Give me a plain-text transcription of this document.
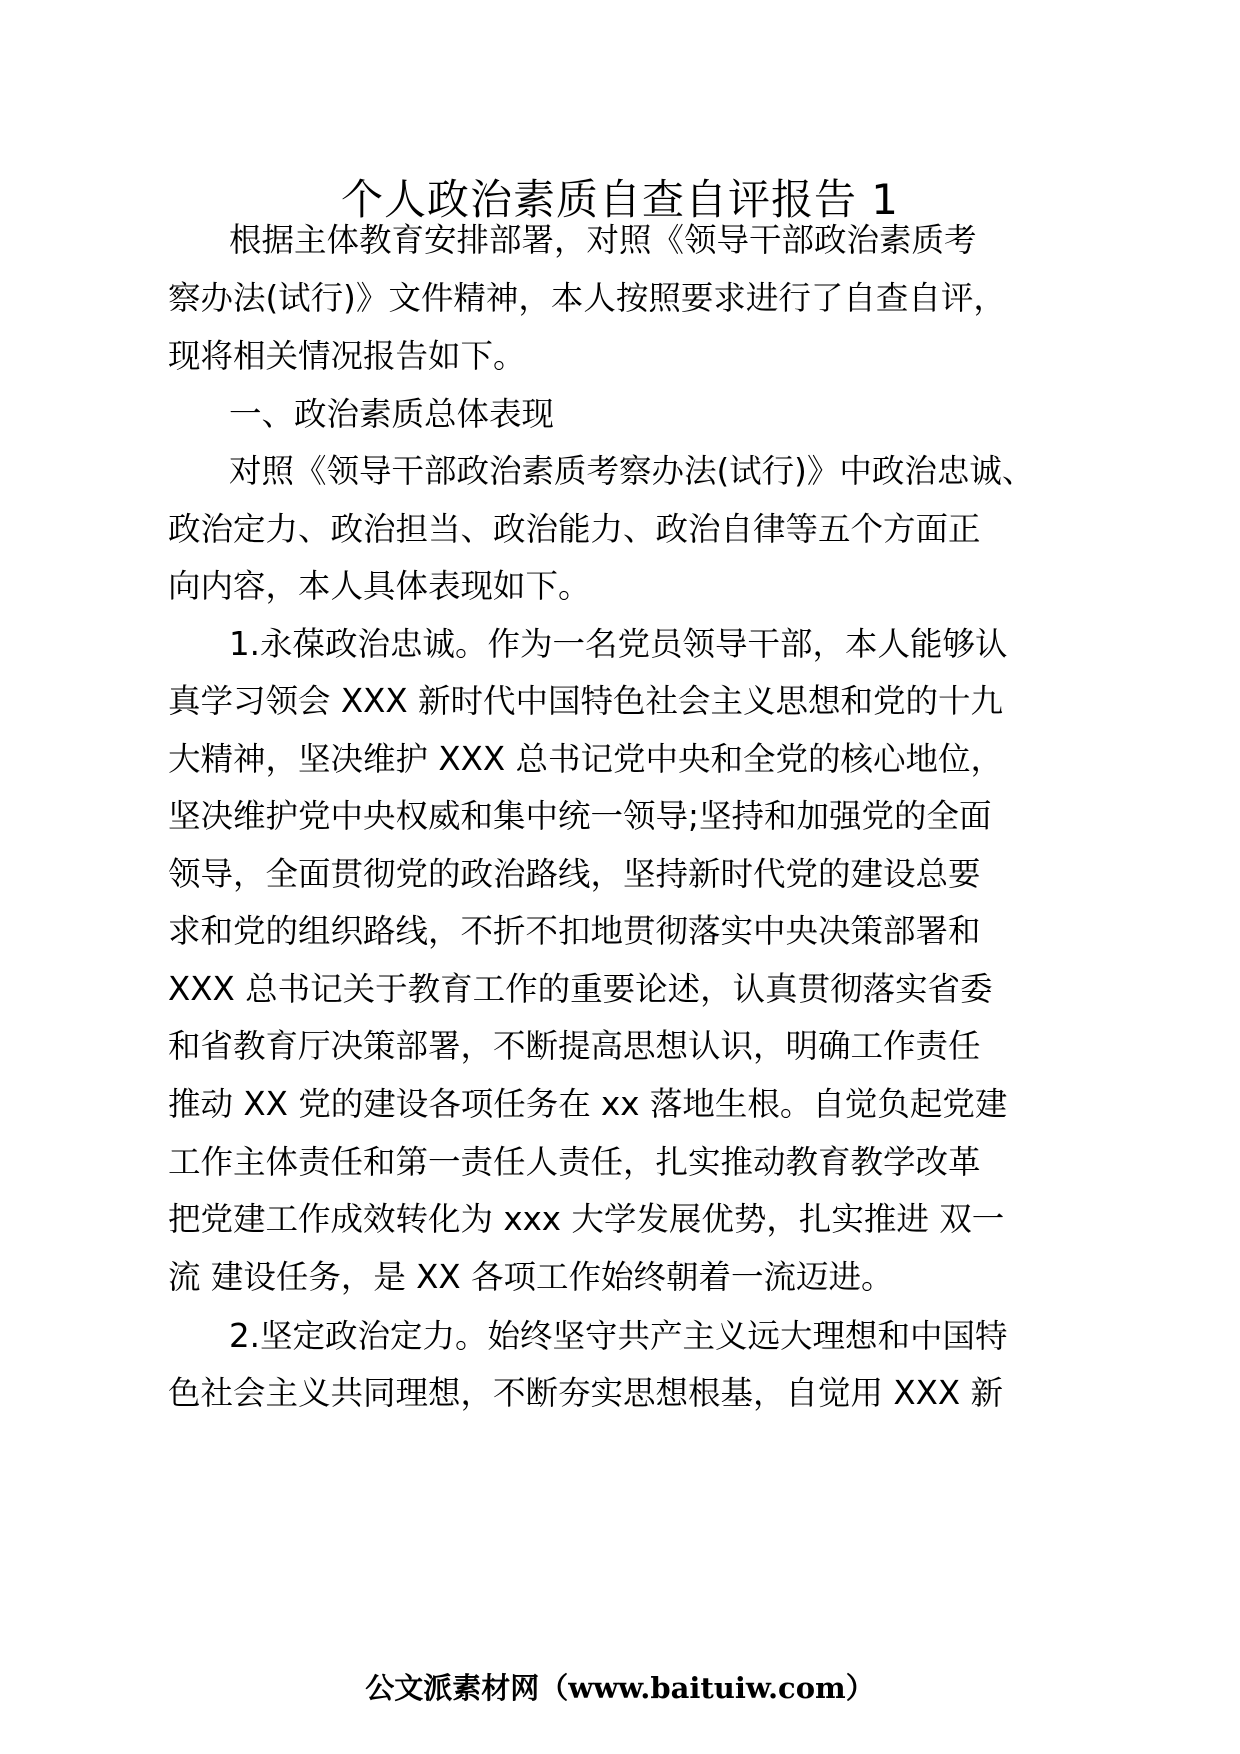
个人政治素质自查自评报告 1
根据主体教育安排部署，对照《领导干部政治素质考
察办法(试行)》文件精神，本人按照要求进行了自查自评，
现将相关情况报告如下。
一、政治素质总体表现
对照《领导干部政治素质考察办法(试行)》中政治忠诚、
政治定力、政治担当、政治能力、政治自律等五个方面正
向内容，本人具体表现如下。
1.永葆政治忠诚。作为一名党员领导干部，本人能够认
真学习领会 XXX 新时代中国特色社会主义思想和党的十九
大精神，坚决维护 XXX 总书记党中央和全党的核心地位，
坚决维护党中央权威和集中统一领导;坚持和加强党的全面
领导，全面贯彻党的政治路线，坚持新时代党的建设总要
求和党的组织路线，不折不扣地贯彻落实中央决策部署和
XXX 总书记关于教育工作的重要论述，认真贯彻落实省委
和省教育厅决策部署，不断提高思想认识，明确工作责任
推动 XX 党的建设各项任务在 xx 落地生根。自觉负起党建
工作主体责任和第一责任人责任，扎实推动教育教学改革
把党建工作成效转化为 xxx 大学发展优势，扎实推进 双一
流 建设任务，是 XX 各项工作始终朝着一流迈进。
2.坚定政治定力。始终坚守共产主义远大理想和中国特
色社会主义共同理想，不断夯实思想根基，自觉用 XXX 新
公文派素材网（www.baituiw.com）
